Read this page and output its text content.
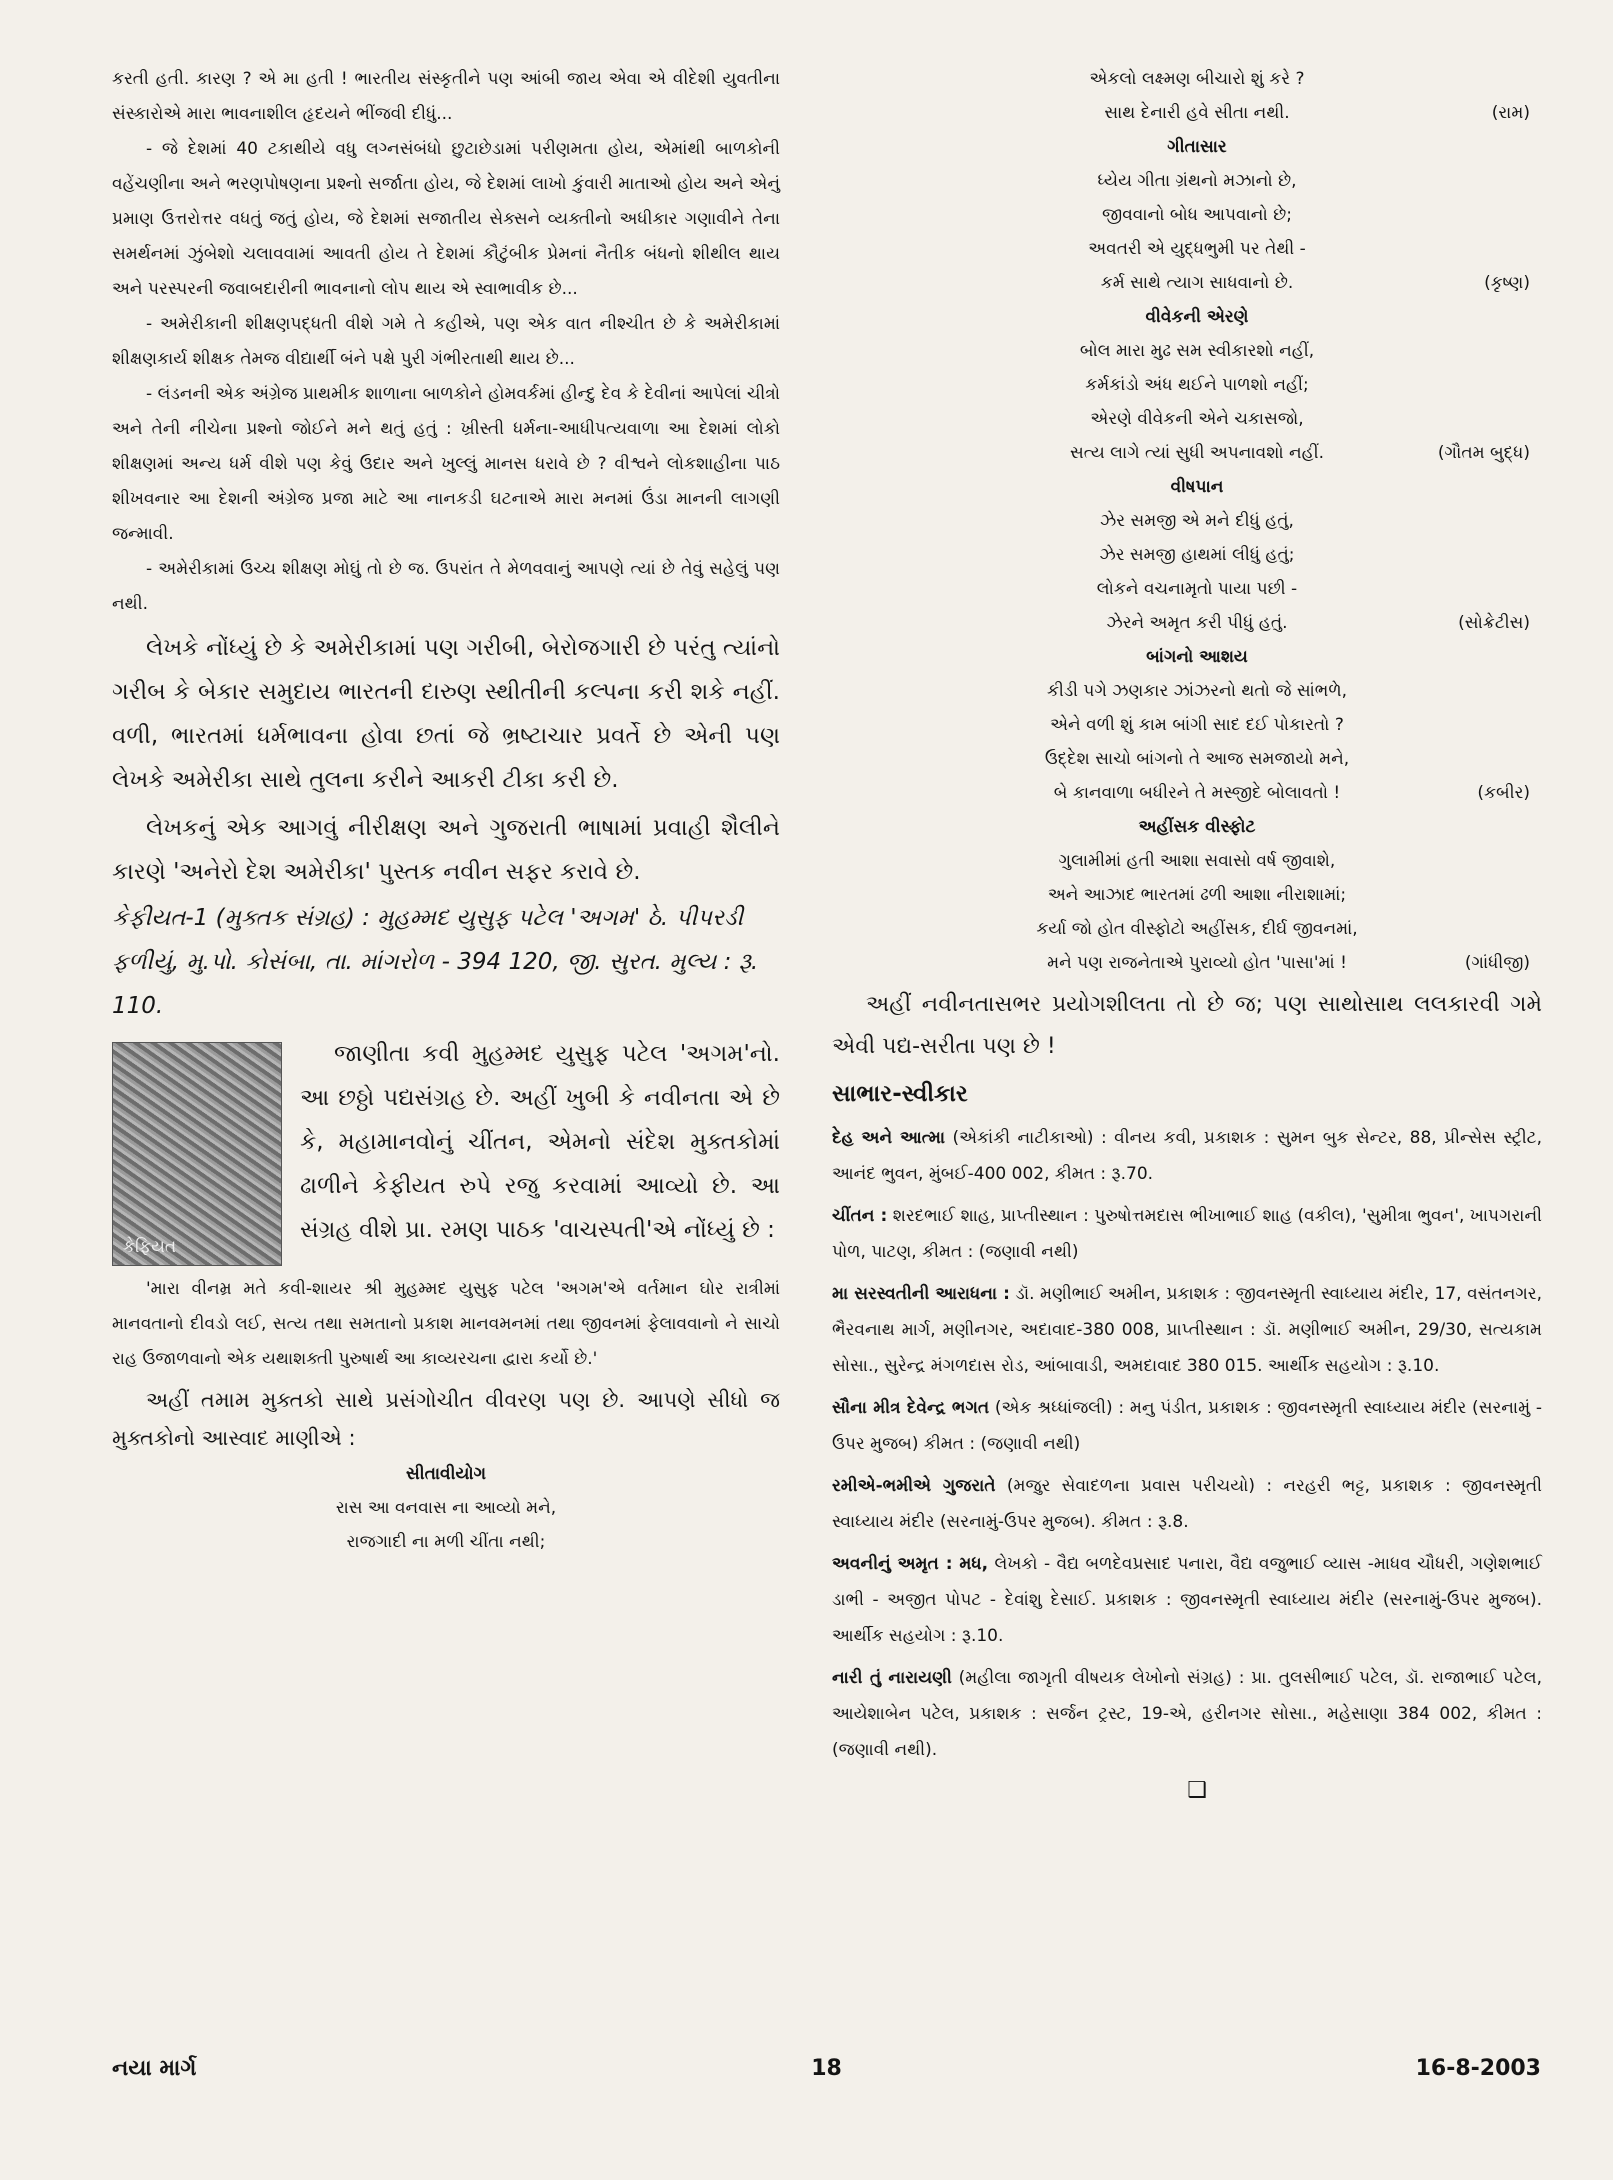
કરતી હતી. કારણ ? એ મા હતી ! ભારતીય સંસ્કૃતીને પણ આંબી જાય એવા એ વીદેશી યુવતીના સંસ્કારોએ મારા ભાવનાશીલ હૃદયને ભીંજવી દીધું...

- જે દેશમાં 40 ટકાથીયે વધુ લગ્નસંબંધો છુટાછેડામાં પરીણમતા હોય, એમાંથી બાળકોની વહેંચણીના અને ભરણપોષણના પ્રશ્નો સર્જાતા હોય, જે દેશમાં લાખો કુંવારી માતાઓ હોય અને એનું પ્રમાણ ઉત્તરોત્તર વધતું જતું હોય, જે દેશમાં સજાતીય સેક્સને વ્યક્તીનો અધીકાર ગણાવીને તેના સમર્થનમાં ઝુંબેશો ચલાવવામાં આવતી હોય તે દેશમાં કૌટુંબીક પ્રેમનાં નૈતીક બંધનો શીથીલ થાય અને પરસ્પરની જવાબદારીની ભાવનાનો લોપ થાય એ સ્વાભાવીક છે...

- અમેરીકાની શીક્ષણપદ્ધતી વીશે ગમે તે કહીએ, પણ એક વાત નીશ્ચીત છે કે અમેરીકામાં શીક્ષણકાર્ય શીક્ષક તેમજ વીદ્યાર્થી બંને પક્ષે પુરી ગંભીરતાથી થાય છે...

- લંડનની એક અંગ્રેજ પ્રાથમીક શાળાના બાળકોને હોમવર્કમાં હીન્દુ દેવ કે દેવીનાં આપેલાં ચીત્રો અને તેની નીચેના પ્રશ્નો જોઈને મને થતું હતું : ખ્રીસ્તી ધર્મના-આધીપત્યવાળા આ દેશમાં લોકો શીક્ષણમાં અન્ય ધર્મ વીશે પણ કેવું ઉદાર અને ખુલ્લું માનસ ધરાવે છે ? વીશ્વને લોકશાહીના પાઠ શીખવનાર આ દેશની અંગ્રેજ પ્રજા માટે આ નાનકડી ઘટનાએ મારા મનમાં ઉંડા માનની લાગણી જન્માવી.

- અમેરીકામાં ઉચ્ચ શીક્ષણ મોઘું તો છે જ. ઉપરાંત તે મેળવવાનું આપણે ત્યાં છે તેવું સહેલું પણ નથી.

લેખકે નોંધ્યું છે કે અમેરીકામાં પણ ગરીબી, બેરોજગારી છે પરંતુ ત્યાંનો ગરીબ કે બેકાર સમુદાય ભારતની દારુણ સ્થીતીની કલ્પના કરી શકે નહીં. વળી, ભારતમાં ધર્મભાવના હોવા છતાં જે ભ્રષ્ટાચાર પ્રવર્તે છે એની પણ લેખકે અમેરીકા સાથે તુલના કરીને આકરી ટીકા કરી છે.

લેખકનું એક આગવું નીરીક્ષણ અને ગુજરાતી ભાષામાં પ્રવાહી શૈલીને કારણે 'અનેરો દેશ અમેરીકા' પુસ્તક નવીન સફર કરાવે છે.

કેફીયત-1 (મુક્તક સંગ્રહ) : મુહમ્મદ યુસુફ પટેલ 'અગમ' ઠે. પીપરડી ફળીયું, મુ.પો. કોસંબા, તા. માંગરોળ - 394 120, જી. સુરત. મુલ્ય : રૂ. 110.

કેફિયત

જાણીતા કવી મુહમ્મદ યુસુફ પટેલ 'અગમ'નો. આ છઠ્ઠો પદ્યસંગ્રહ છે. અહીં ખુબી કે નવીનતા એ છે કે, મહામાનવોનું ચીંતન, એમનો સંદેશ મુક્તકોમાં ઢાળીને કેફીયત રુપે રજુ કરવામાં આવ્યો છે. આ સંગ્રહ વીશે પ્રા. રમણ પાઠક 'વાચસ્પતી'એ નોંધ્યું છે :

'મારા વીનમ્ર મતે કવી-શાયર શ્રી મુહમ્મદ યુસુફ પટેલ 'અગમ'એ વર્તમાન ઘોર રાત્રીમાં માનવતાનો દીવડો લઈ, સત્ય તથા સમતાનો પ્રકાશ માનવમનમાં તથા જીવનમાં ફેલાવવાનો ને સાચો રાહ ઉજાળવાનો એક યથાશક્તી પુરુષાર્થ આ કાવ્યરચના દ્વારા કર્યો છે.'

અહીં તમામ મુક્તકો સાથે પ્રસંગોચીત વીવરણ પણ છે. આપણે સીધો જ મુક્તકોનો આસ્વાદ માણીએ :

સીતાવીયોગ
રાસ આ વનવાસ ના આવ્યો મને,
રાજગાદી ના મળી ચીંતા નથી;
એકલો લક્ષ્મણ બીચારો શું કરે ?
સાથ દેનારી હવે સીતા નથી.	(રામ)
ગીતાસાર
ધ્યેય ગીતા ગ્રંથનો મઝાનો છે,
જીવવાનો બોધ આપવાનો છે;
અવતરી એ યુદ્ધભુમી પર તેથી -
કર્મ સાથે ત્યાગ સાધવાનો છે.	(કૃષ્ણ)
વીવેકની એરણે
બોલ મારા મુઢ સમ સ્વીકારશો નહીં,
કર્મકાંડો અંધ થઈને પાળશો નહીં;
એરણે વીવેકની એને ચકાસજો,
સત્ય લાગે ત્યાં સુધી અપનાવશો નહીં.	(ગૌતમ બુદ્ધ)
વીષપાન
ઝેર સમજી એ મને દીધું હતું,
ઝેર સમજી હાથમાં લીધું હતું;
લોકને વચનામૃતો પાયા પછી -
ઝેરને અમૃત કરી પીધું હતું.	(સોક્રેટીસ)
બાંગનો આશય
કીડી પગે ઝણકાર ઝાંઝરનો થતો જે સાંભળે,
એને વળી શું કામ બાંગી સાદ દઈ પોકારતો ?
ઉદ્દેશ સાચો બાંગનો તે આજ સમજાયો મને,
બે કાનવાળા બધીરને તે મસ્જીદે બોલાવતો !	(કબીર)
અહીંસક વીસ્ફોટ
ગુલામીમાં હતી આશા સવાસો વર્ષ જીવાશે,
અને આઝાદ ભારતમાં ઢળી આશા નીરાશામાં;
કર્યા જો હોત વીસ્ફોટો અહીંસક, દીર્ઘ જીવનમાં,
મને પણ રાજનેતાએ પુરાવ્યો હોત 'પાસા'માં !	(ગાંધીજી)

અહીં નવીનતાસભર પ્રયોગશીલતા તો છે જ; પણ સાથોસાથ લલકારવી ગમે એવી પદ્ય-સરીતા પણ છે !

સાભાર-સ્વીકાર

દેહ અને આત્મા (એકાંકી નાટીકાઓ) : વીનય કવી, પ્રકાશક : સુમન બુક સેન્ટર, 88, પ્રીન્સેસ સ્ટ્રીટ, આનંદ ભુવન, મુંબઈ-400 002, કીમત : રૂ.70.

ચીંતન : શરદભાઈ શાહ, પ્રાપ્તીસ્થાન : પુરુષોત્તમદાસ ભીખાભાઈ શાહ (વકીલ), 'સુમીત્રા ભુવન', ખાપગરાની પોળ, પાટણ, કીમત : (જણાવી નથી)

મા સરસ્વતીની આરાધના : ડૉ. મણીભાઈ અમીન, પ્રકાશક : જીવનસ્મૃતી સ્વાધ્યાય મંદીર, 17, વસંતનગર, ભૈરવનાથ માર્ગ, મણીનગર, અદાવાદ-380 008, પ્રાપ્તીસ્થાન : ડૉ. મણીભાઈ અમીન, 29/30, સત્યકામ સોસા., સુરેન્દ્ર મંગળદાસ રોડ, આંબાવાડી, અમદાવાદ 380 015. આર્થીક સહયોગ : રૂ.10.

સૌના મીત્ર દેવેન્દ્ર ભગત (એક શ્રધ્ધાંજલી) : મનુ પંડીત, પ્રકાશક : જીવનસ્મૃતી સ્વાધ્યાય મંદીર (સરનામું - ઉપર મુજબ) કીમત : (જણાવી નથી)

રમીએ-ભમીએ ગુજરાતે (મજુર સેવાદળના પ્રવાસ પરીચયો) : નરહરી ભટ્ટ, પ્રકાશક : જીવનસ્મૃતી સ્વાધ્યાય મંદીર (સરનામું-ઉપર મુજબ). કીમત : રૂ.8.

અવનીનું અમૃત : મધ, લેખકો - વૈદ્ય બળદેવપ્રસાદ પનારા, વૈદ્ય વજુભાઈ વ્યાસ -માધવ ચૌધરી, ગણેશભાઈ ડાભી - અજીત પોપટ - દેવાંશુ દેસાઈ. પ્રકાશક : જીવનસ્મૃતી સ્વાધ્યાય મંદીર (સરનામું-ઉપર મુજબ). આર્થીક સહયોગ : રૂ.10.

નારી તું નારાયણી (મહીલા જાગૃતી વીષયક લેખોનો સંગ્રહ) : પ્રા. તુલસીભાઈ પટેલ, ડૉ. રાજાભાઈ પટેલ, આયેશાબેન પટેલ, પ્રકાશક : સર્જન ટ્રસ્ટ, 19-એ, હરીનગર સોસા., મહેસાણા 384 002, કીમત : (જણાવી નથી).

❑
નયા માર્ગ	18	16-8-2003
